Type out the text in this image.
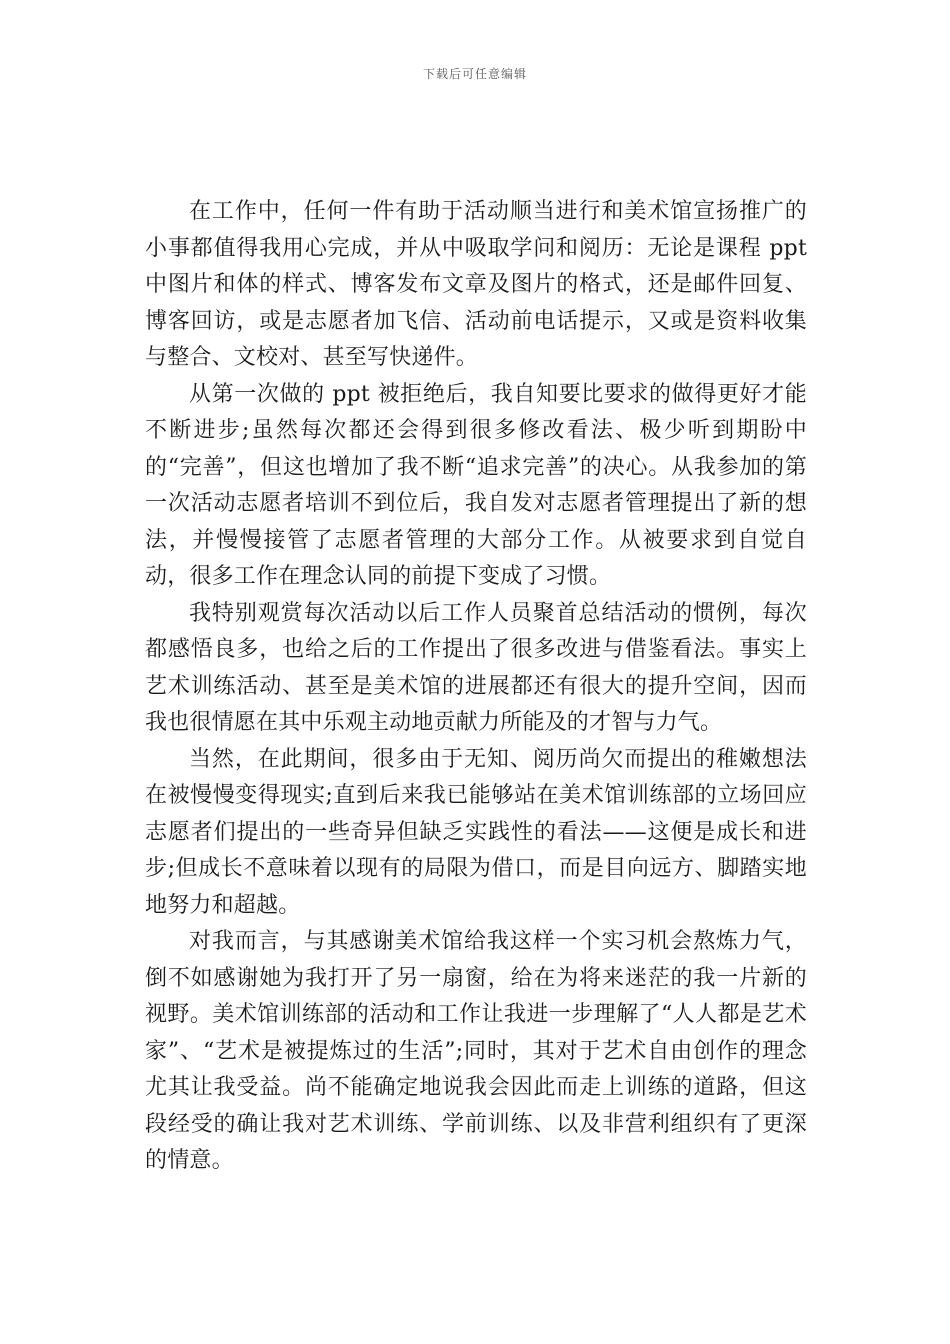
下载后可任意编辑

在工作中，任何一件有助于活动顺当进行和美术馆宣扬推广的小事都值得我用心完成，并从中吸取学问和阅历：无论是课程 ppt 中图片和体的样式、博客发布文章及图片的格式，还是邮件回复、博客回访，或是志愿者加飞信、活动前电话提示，又或是资料收集与整合、文校对、甚至写快递件。

从第一次做的 ppt 被拒绝后，我自知要比要求的做得更好才能不断进步;虽然每次都还会得到很多修改看法、极少听到期盼中的“完善”，但这也增加了我不断“追求完善”的决心。从我参加的第一次活动志愿者培训不到位后，我自发对志愿者管理提出了新的想法，并慢慢接管了志愿者管理的大部分工作。从被要求到自觉自动，很多工作在理念认同的前提下变成了习惯。

我特别观赏每次活动以后工作人员聚首总结活动的惯例，每次都感悟良多，也给之后的工作提出了很多改进与借鉴看法。事实上艺术训练活动、甚至是美术馆的进展都还有很大的提升空间，因而我也很情愿在其中乐观主动地贡献力所能及的才智与力气。

当然，在此期间，很多由于无知、阅历尚欠而提出的稚嫩想法在被慢慢变得现实;直到后来我已能够站在美术馆训练部的立场回应志愿者们提出的一些奇异但缺乏实践性的看法——这便是成长和进步;但成长不意味着以现有的局限为借口，而是目向远方、脚踏实地地努力和超越。

对我而言，与其感谢美术馆给我这样一个实习机会熬炼力气，倒不如感谢她为我打开了另一扇窗，给在为将来迷茫的我一片新的视野。美术馆训练部的活动和工作让我进一步理解了“人人都是艺术家”、“艺术是被提炼过的生活”;同时，其对于艺术自由创作的理念尤其让我受益。尚不能确定地说我会因此而走上训练的道路，但这段经受的确让我对艺术训练、学前训练、以及非营利组织有了更深的情意。
